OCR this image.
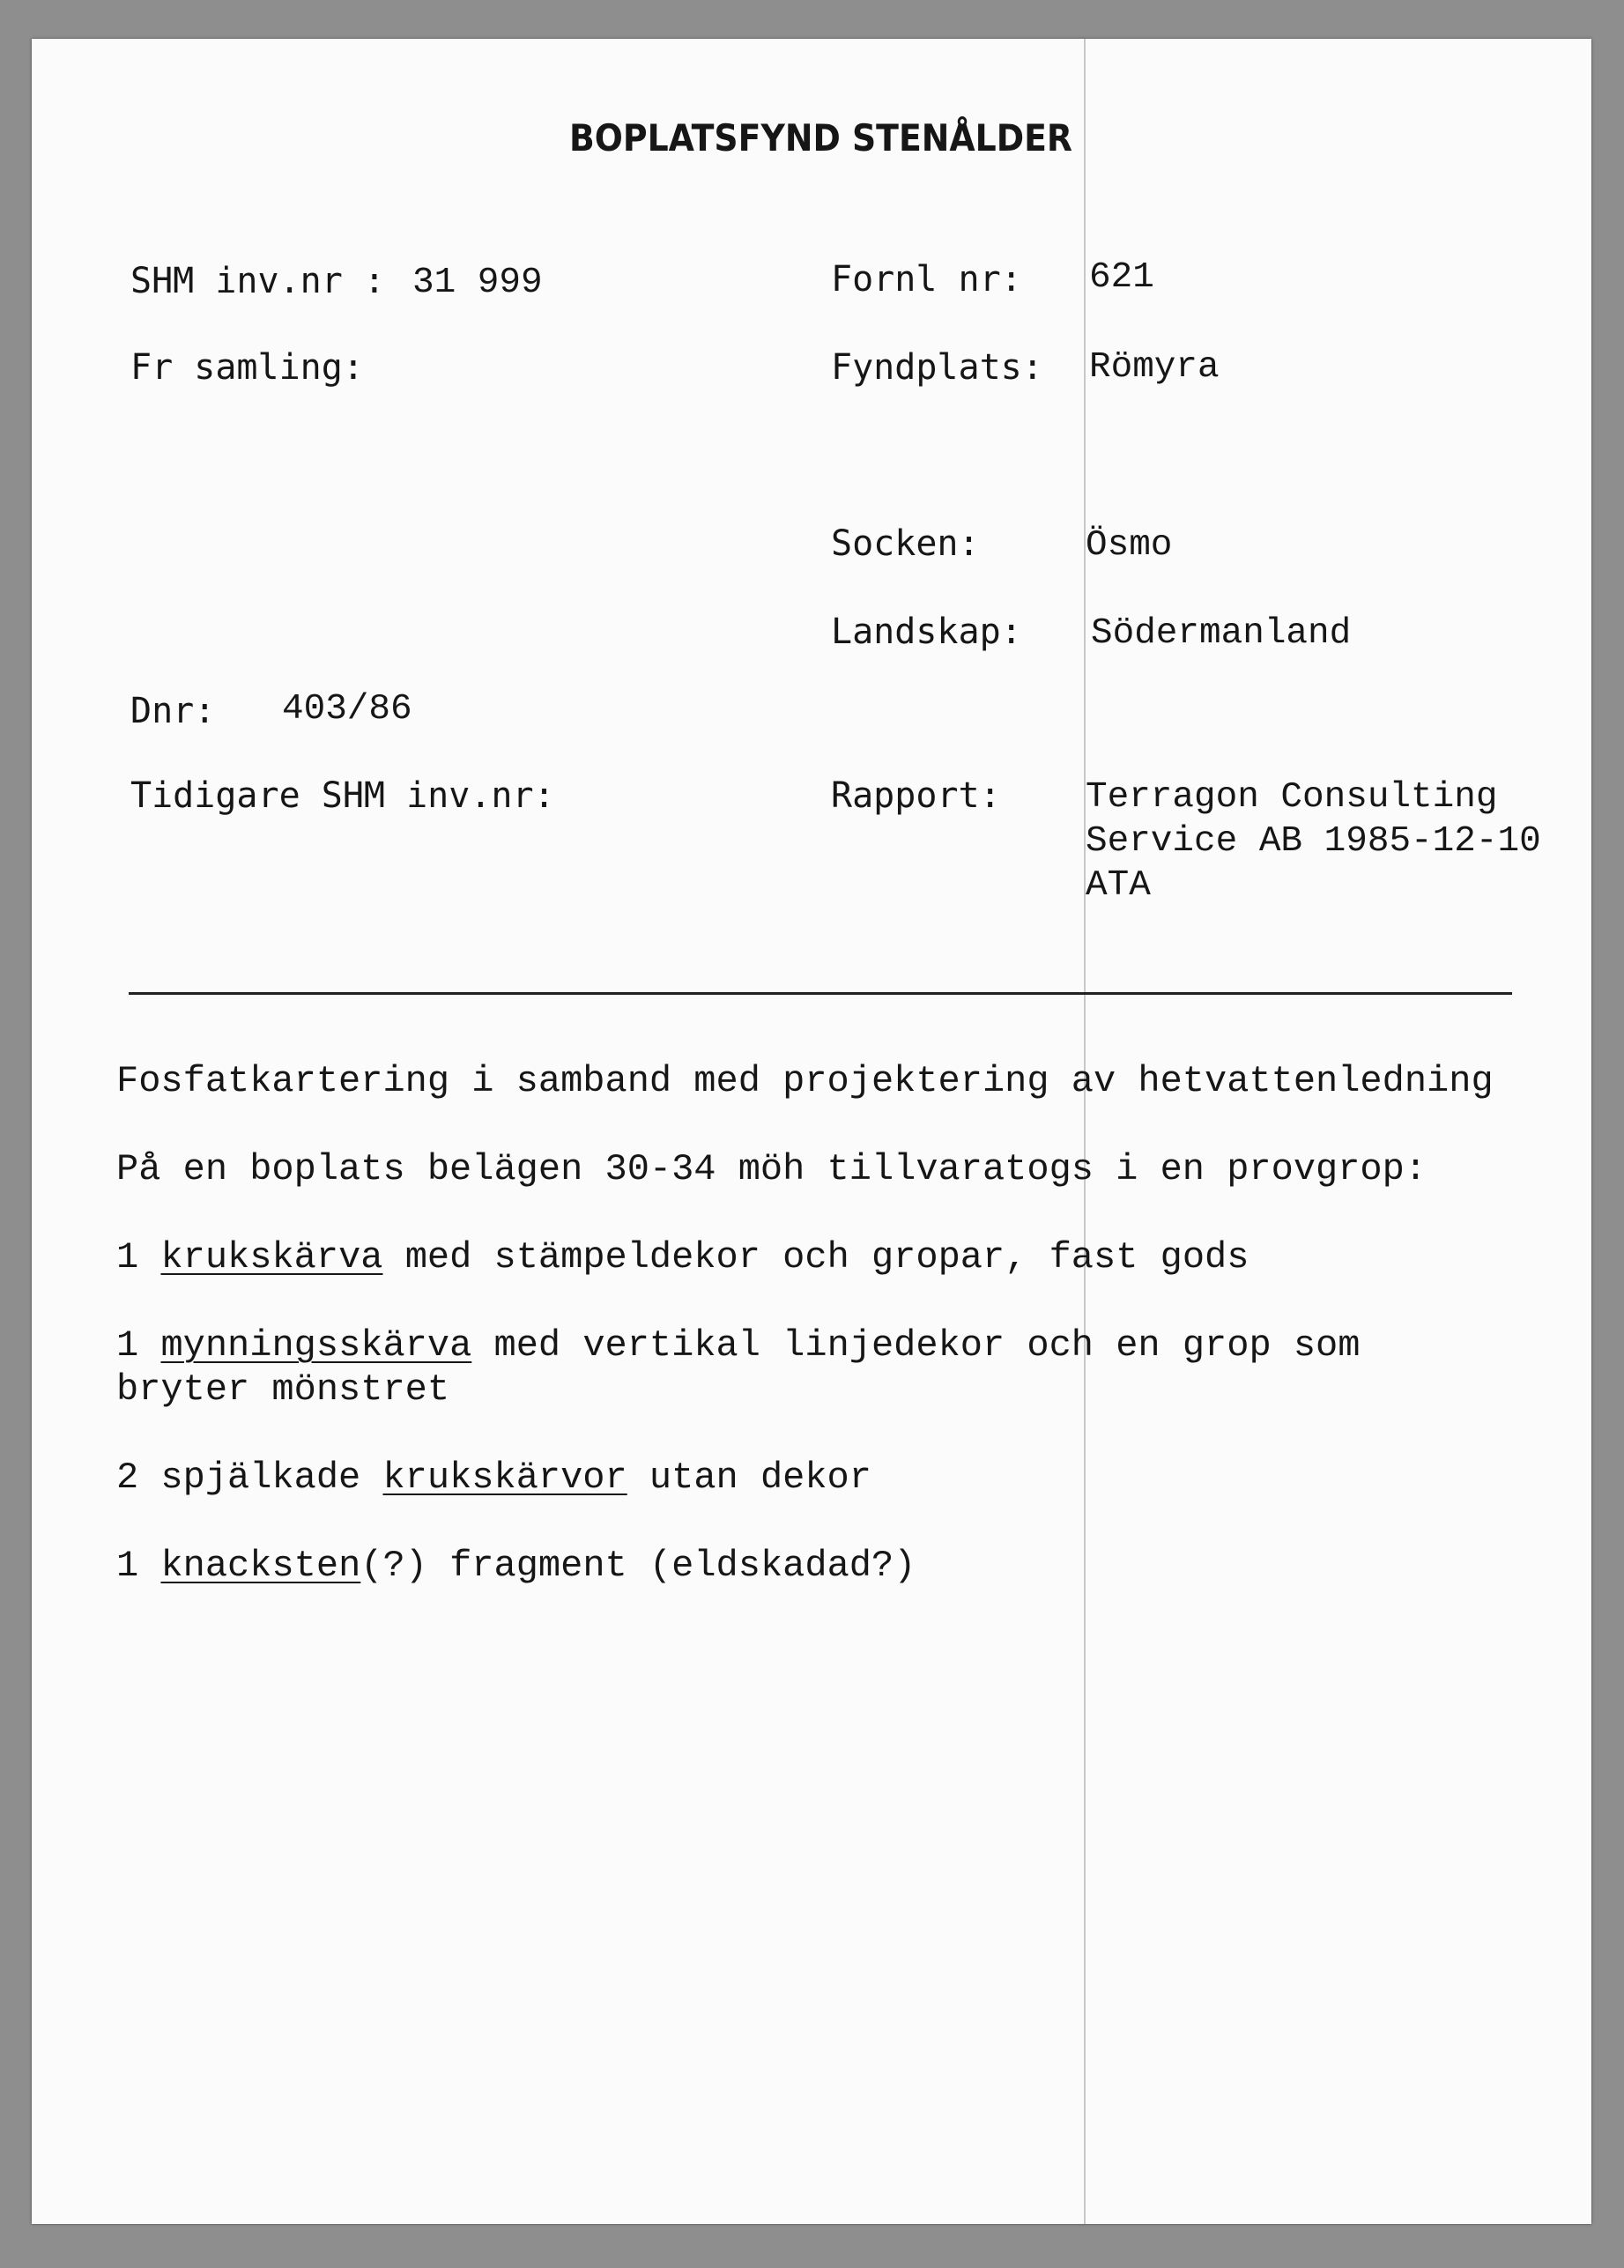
BOPLATSFYND STENÅLDER
SHM inv.nr : 31 999	Fornl nr: 621
Fr samling:	Fyndplats: Römyra
Socken:	Ösmo
Landskap: Södermanland
Dnr: 403/86
Tidigare SHM inv.nr:	Rapport: Terragon Consulting
Service AB 1985-12-10
ATA
Fosfatkartering i samband med projektering av hetvattenledning
På en boplats belägen 30-34 möh tillvaratogs i en provgrop:
1 krukskärva med stämpeldekor och gropar, fast gods
1 mynningsskärva med vertikal linjedekor och en grop som
bryter mönstret
2 spjälkade krukskärvor utan dekor
1 knacksten(?) fragment (eldskadad?)
